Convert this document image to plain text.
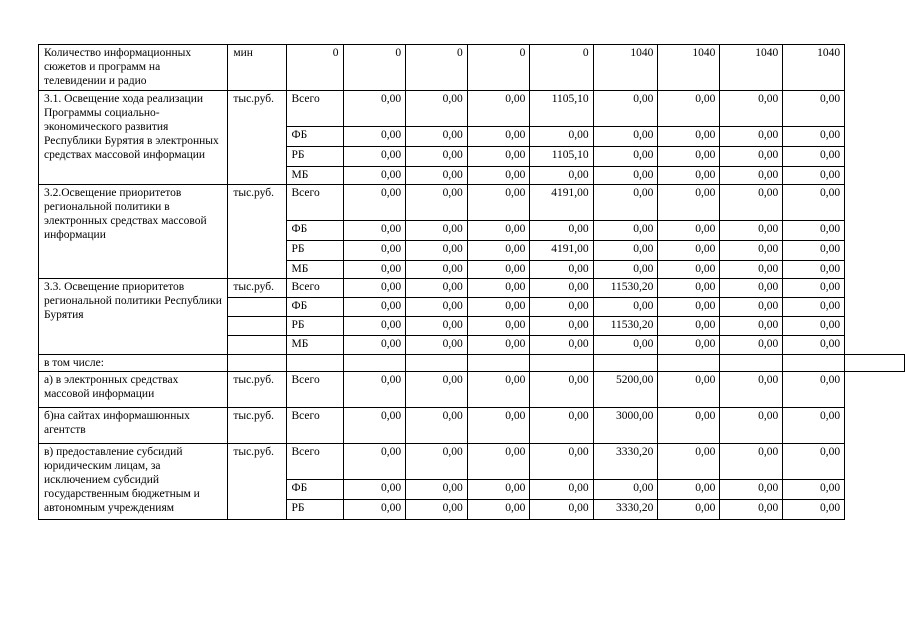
Количество информационных сюжетов и программ на телевидении и радио	мин	0	0	0	0	0	1040	1040	1040	1040	
3.1. Освещение хода реализации Программы социально-экономического развития Республики Бурятия в электронных средствах массовой информации	тыс.руб.	Всего	0,00	0,00	0,00	1105,10	0,00	0,00	0,00	0,00	
		ФБ	0,00	0,00	0,00	0,00	0,00	0,00	0,00	0,00	
		РБ	0,00	0,00	0,00	1105,10	0,00	0,00	0,00	0,00	
		МБ	0,00	0,00	0,00	0,00	0,00	0,00	0,00	0,00	
3.2.Освещение приоритетов региональной политики в электронных средствах массовой информации	тыс.руб.	Всего	0,00	0,00	0,00	4191,00	0,00	0,00	0,00	0,00	
		ФБ	0,00	0,00	0,00	0,00	0,00	0,00	0,00	0,00	
		РБ	0,00	0,00	0,00	4191,00	0,00	0,00	0,00	0,00	
		МБ	0,00	0,00	0,00	0,00	0,00	0,00	0,00	0,00	
3.3. Освещение приоритетов региональной политики Республики Бурятия	тыс.руб.	Всего	0,00	0,00	0,00	0,00	11530,20	0,00	0,00	0,00	
		ФБ	0,00	0,00	0,00	0,00	0,00	0,00	0,00	0,00	
		РБ	0,00	0,00	0,00	0,00	11530,20	0,00	0,00	0,00	
		МБ	0,00	0,00	0,00	0,00	0,00	0,00	0,00	0,00	
в том числе:											
а) в электронных средствах массовой информации	тыс.руб.	Всего	0,00	0,00	0,00	0,00	5200,00	0,00	0,00	0,00	
б)на сайтах информашюнных агентств	тыс.руб.	Всего	0,00	0,00	0,00	0,00	3000,00	0,00	0,00	0,00	
в) предоставление субсидий юридическим лицам, за исключением субсидий государственным бюджетным и автономным учреждениям	тыс.руб.	Всего	0,00	0,00	0,00	0,00	3330,20	0,00	0,00	0,00	
		ФБ	0,00	0,00	0,00	0,00	0,00	0,00	0,00	0,00	
		РБ	0,00	0,00	0,00	0,00	3330,20	0,00	0,00	0,00	
